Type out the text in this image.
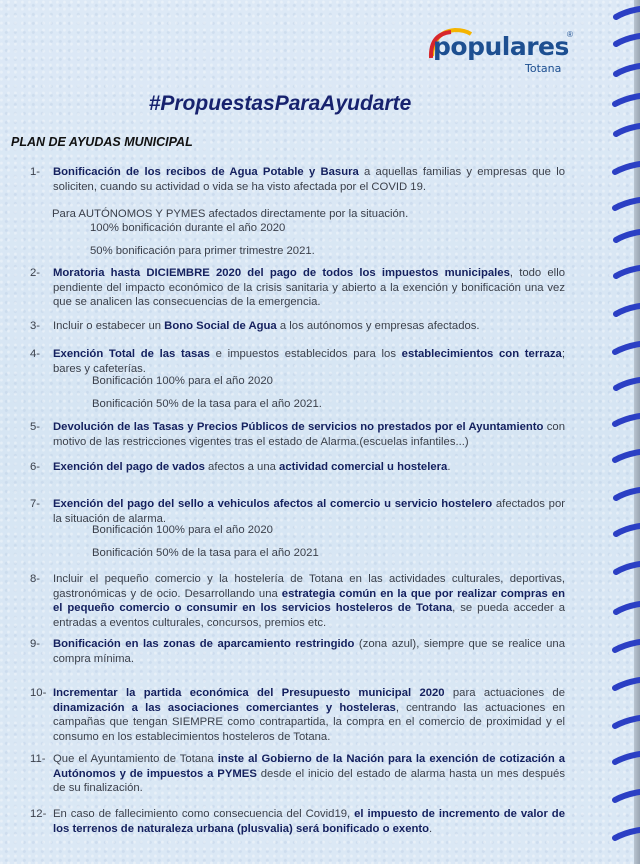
populares
®
Totana
#PropuestasParaAyudarte
PLAN DE AYUDAS MUNICIPAL
1- Bonificación de los recibos de Agua Potable y Basura a aquellas familias y empresas que lo soliciten, cuando su actividad o vida se ha visto afectada por el COVID 19.
Para AUTÓNOMOS Y PYMES afectados directamente por la situación.
100% bonificación durante el año 2020
50% bonificación para primer trimestre 2021.
2- Moratoria hasta DICIEMBRE 2020 del pago de todos los impuestos municipales, todo ello pendiente del impacto económico de la crisis sanitaria y abierto a la exención y bonificación una vez que se analicen las consecuencias de la emergencia.
3- Incluir o estabecer un Bono Social de Agua a los autónomos y empresas afectados.
4- Exención Total de las tasas e impuestos establecidos para los establecimientos con terraza; bares y cafeterías.
Bonificación 100% para el año 2020
Bonificación 50% de la tasa para el año 2021.
5- Devolución de las Tasas y Precios Públicos de servicios no prestados por el Ayuntamiento con motivo de las restricciones vigentes tras el estado de Alarma.(escuelas infantiles...)
6- Exención del pago de vados afectos a una actividad comercial u hostelera.
7- Exención del pago del sello a vehiculos afectos al comercio u servicio hostelero afectados por la situación de alarma.
Bonificación 100% para el año 2020
Bonificación 50% de la tasa para el año 2021
8- Incluir el pequeño comercio y la hostelería de Totana en las actividades culturales, deportivas, gastronómicas y de ocio. Desarrollando una estrategia común en la que por realizar compras en el pequeño comercio o consumir en los servicios hosteleros de Totana, se pueda acceder a entradas a eventos culturales, concursos, premios etc.
9- Bonificación en las zonas de aparcamiento restringido (zona azul), siempre que se realice una compra mínima.
10- Incrementar la partida económica del Presupuesto municipal 2020 para actuaciones de dinamización a las asociaciones comerciantes y hosteleras, centrando las actuaciones en campañas que tengan SIEMPRE como contrapartida, la compra en el comercio de proximidad y el consumo en los establecimientos hosteleros de Totana.
11- Que el Ayuntamiento de Totana inste al Gobierno de la Nación para la exención de cotización a Autónomos y de impuestos a PYMES desde el inicio del estado de alarma hasta un mes después de su finalización.
12- En caso de fallecimiento como consecuencia del Covid19, el impuesto de incremento de valor de los terrenos de naturaleza urbana (plusvalia) será bonificado o exento.
